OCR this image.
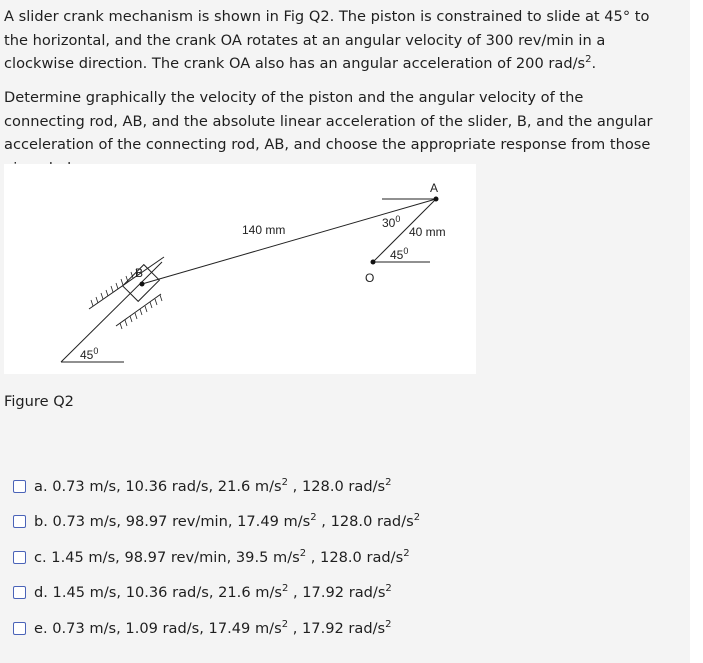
A slider crank mechanism is shown in Fig Q2. The piston is constrained to slide at 45° to the horizontal, and the crank OA rotates at an angular velocity of 300 rev/min in a clockwise direction. The crank OA also has an angular acceleration of 200 rad/$s^2$.

Determine graphically the velocity of the piston and the angular velocity of the connecting rod, AB, and the absolute linear acceleration of the slider, B, and the angular acceleration of the connecting rod, AB, and choose the appropriate response from those

A
B	O
140 mm	40 mm
$30^0$
$45^0$
$45^0$
Figure Q2
a. 0.73 m/s, 10.36 rad/s, 21.6 $m/s^2$ , 128.0 rad/$s^2$
b. 0.73 m/s, 98.97 rev/min, 17.49 $m/s^2$ , 128.0 rad/$s^2$
c. 1.45 m/s, 98.97 rev/min, 39.5 $m/s^2$ , 128.0 rad/$s^2$
d. 1.45 m/s, 10.36 rad/s, 21.6 $m/s^2$ , 17.92 rad/$s^2$
e. 0.73 m/s, 1.09 rad/s, 17.49 $m/s^2$ , 17.92 rad/$s^2$
